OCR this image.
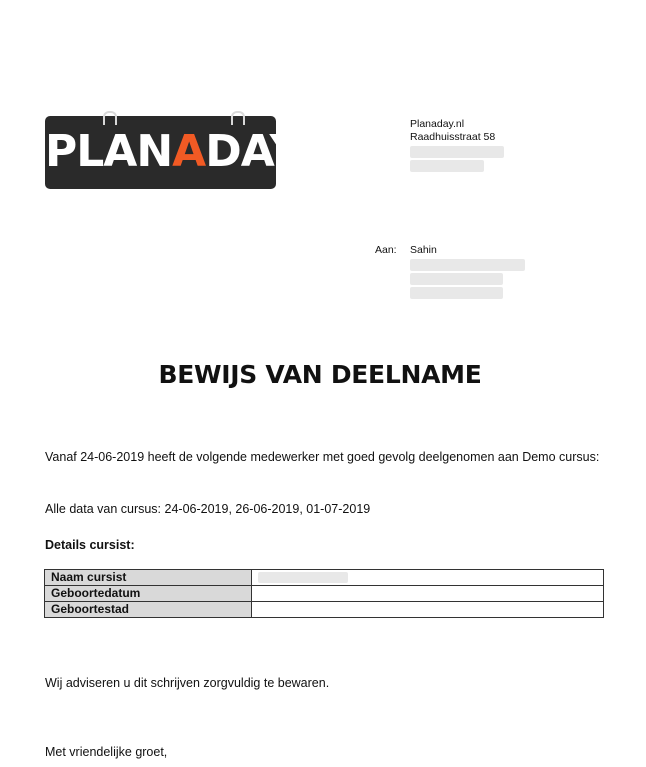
PLANADAY
Planaday.nl
Raadhuisstraat 58
Aan: Sahin
BEWIJS VAN DEELNAME
Vanaf 24-06-2019 heeft de volgende medewerker met goed gevolg deelgenomen aan Demo cursus:
Alle data van cursus: 24-06-2019, 26-06-2019, 01-07-2019
Details cursist:
Naam cursist	
Geboortedatum	
Geboortestad	
Wij adviseren u dit schrijven zorgvuldig te bewaren.
Met vriendelijke groet,
